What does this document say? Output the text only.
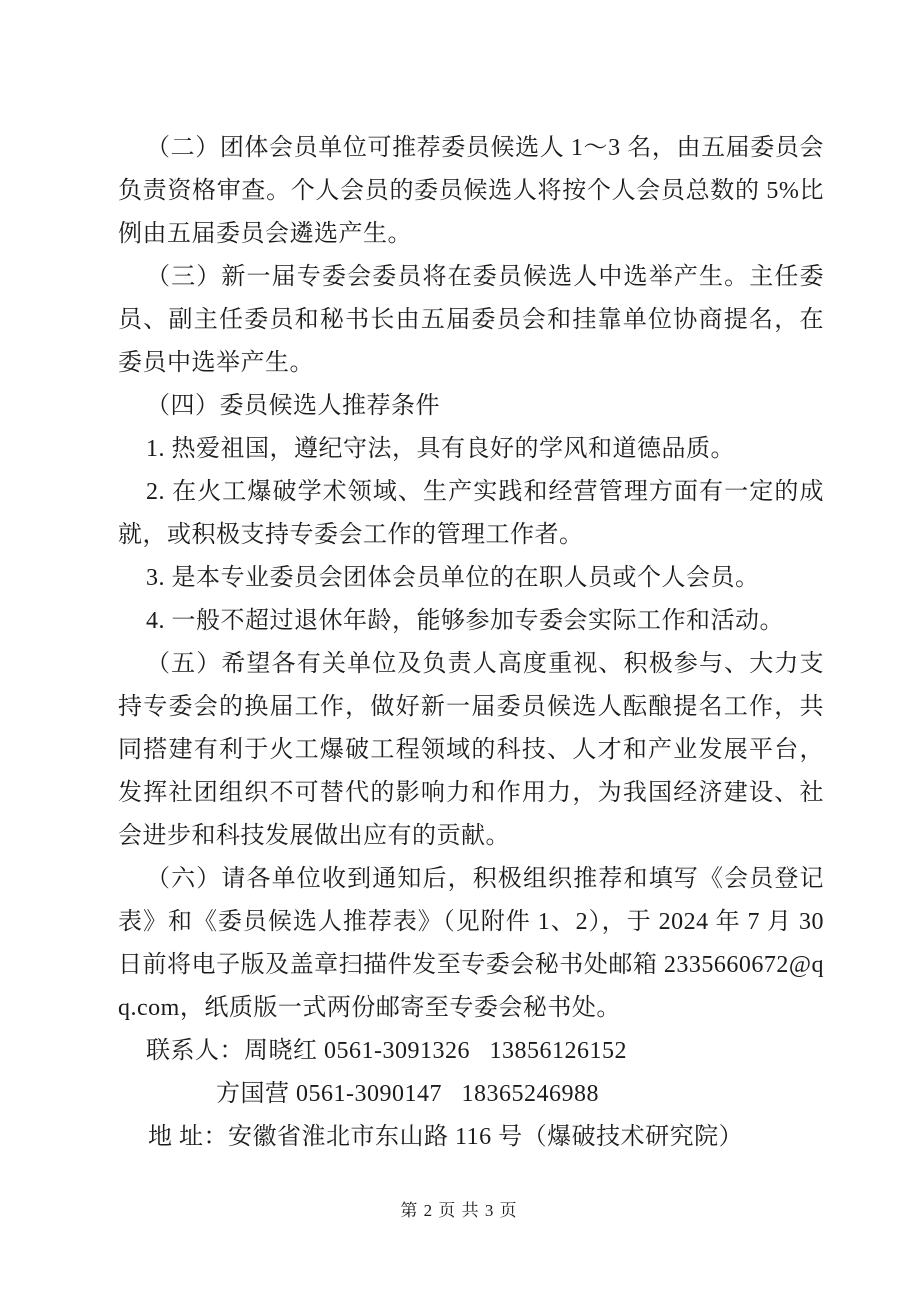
（二）团体会员单位可推荐委员候选人 1～3 名，由五届委员会负责资格审查。个人会员的委员候选人将按个人会员总数的 5%比例由五届委员会遴选产生。

（三）新一届专委会委员将在委员候选人中选举产生。主任委员、副主任委员和秘书长由五届委员会和挂靠单位协商提名，在委员中选举产生。

（四）委员候选人推荐条件

1. 热爱祖国，遵纪守法，具有良好的学风和道德品质。

2. 在火工爆破学术领域、生产实践和经营管理方面有一定的成就，或积极支持专委会工作的管理工作者。

3. 是本专业委员会团体会员单位的在职人员或个人会员。

4. 一般不超过退休年龄，能够参加专委会实际工作和活动。

（五）希望各有关单位及负责人高度重视、积极参与、大力支持专委会的换届工作，做好新一届委员候选人酝酿提名工作，共同搭建有利于火工爆破工程领域的科技、人才和产业发展平台，发挥社团组织不可替代的影响力和作用力，为我国经济建设、社会进步和科技发展做出应有的贡献。

（六）请各单位收到通知后，积极组织推荐和填写《会员登记表》和《委员候选人推荐表》（见附件 1、2），于 2024 年 7 月 30 日前将电子版及盖章扫描件发至专委会秘书处邮箱 2335660672@qq.com，纸质版一式两份邮寄至专委会秘书处。

联系人：周晓红 0561-3091326   13856126152

方国营 0561-3090147   18365246988

地 址：安徽省淮北市东山路 116 号（爆破技术研究院）

第 2 页 共 3 页
